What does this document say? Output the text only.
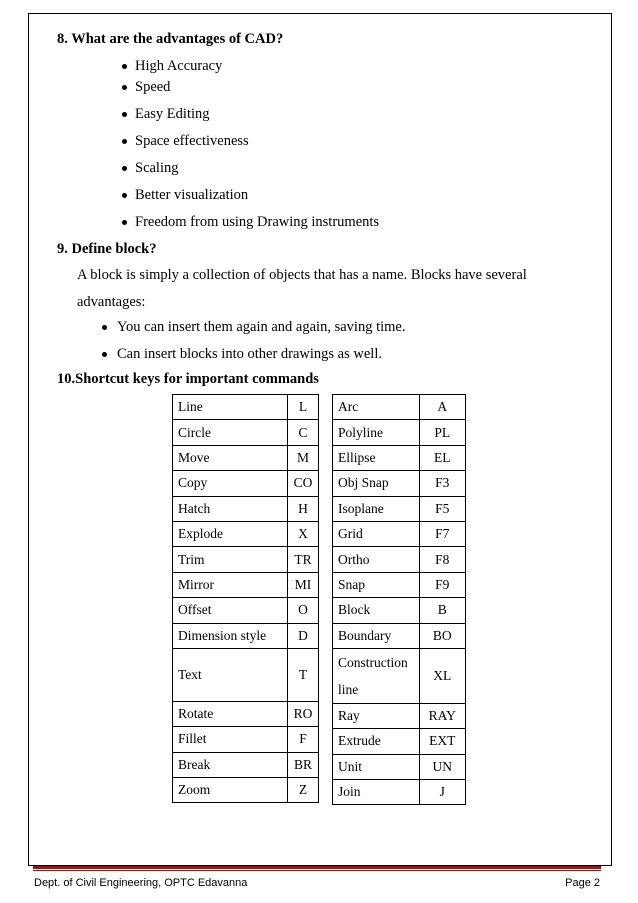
8. What are the advantages of CAD?
High Accuracy
Speed
Easy Editing
Space effectiveness
Scaling
Better visualization
Freedom from using Drawing instruments
9. Define block?
A block is simply a collection of objects that has a name. Blocks have several
advantages:
You can insert them again and again, saving time.
Can insert blocks into other drawings as well.
10.Shortcut keys for important commands
Line	L
Circle	C
Move	M
Copy	CO
Hatch	H
Explode	X
Trim	TR
Mirror	MI
Offset	O
Dimension style	D
Text	T
Rotate	RO
Fillet	F
Break	BR
Zoom	Z
Arc	A
Polyline	PL
Ellipse	EL
Obj Snap	F3
Isoplane	F5
Grid	F7
Ortho	F8
Snap	F9
Block	B
Boundary	BO

Construction
line	XL
Ray	RAY
Extrude	EXT
Unit	UN
Join	J
Dept. of Civil Engineering, OPTC Edavanna	Page 2
